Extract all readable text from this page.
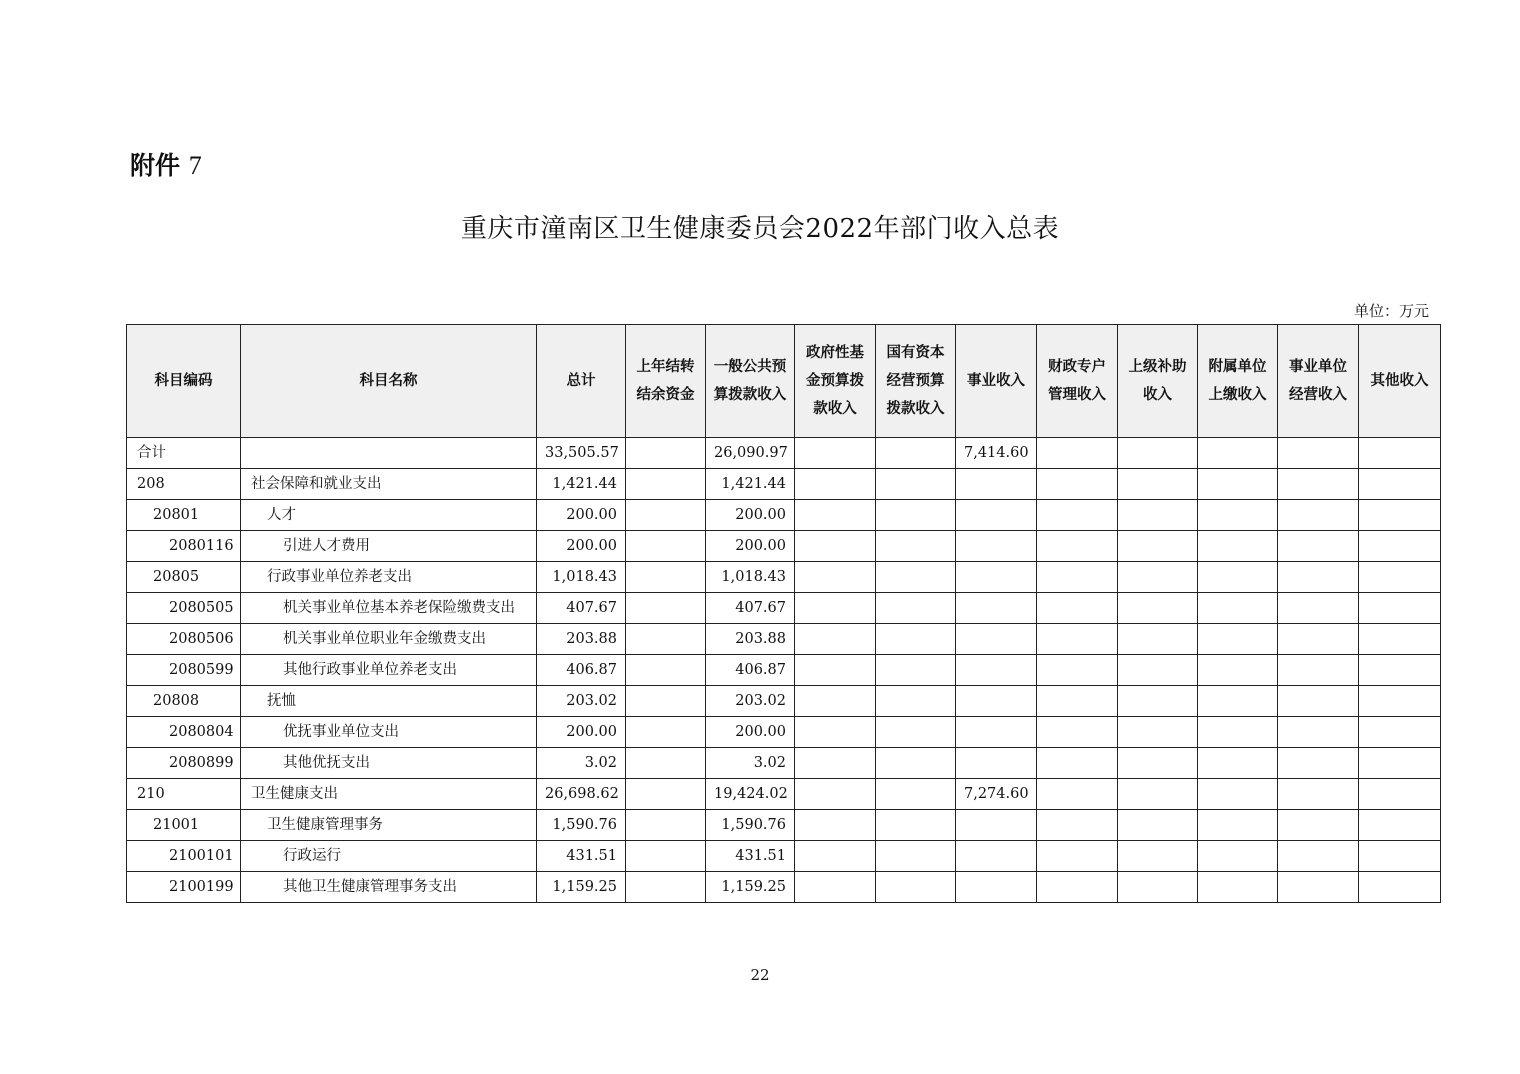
附件 7
重庆市潼南区卫生健康委员会2022年部门收入总表
单位：万元
科目编码	科目名称	总计	上年结转结余资金	一般公共预算拨款收入	政府性基金预算拨款收入	国有资本经营预算拨款收入	事业收入	财政专户管理收入	上级补助收入	附属单位上缴收入	事业单位经营收入	其他收入
合计		33,505.57		26,090.97			7,414.60					
208	社会保障和就业支出	1,421.44		1,421.44								
20801	人才	200.00		200.00								
2080116	引进人才费用	200.00		200.00								
20805	行政事业单位养老支出	1,018.43		1,018.43								
2080505	机关事业单位基本养老保险缴费支出	407.67		407.67								
2080506	机关事业单位职业年金缴费支出	203.88		203.88								
2080599	其他行政事业单位养老支出	406.87		406.87								
20808	抚恤	203.02		203.02								
2080804	优抚事业单位支出	200.00		200.00								
2080899	其他优抚支出	3.02		3.02								
210	卫生健康支出	26,698.62		19,424.02			7,274.60					
21001	卫生健康管理事务	1,590.76		1,590.76								
2100101	行政运行	431.51		431.51								
2100199	其他卫生健康管理事务支出	1,159.25		1,159.25								
22
